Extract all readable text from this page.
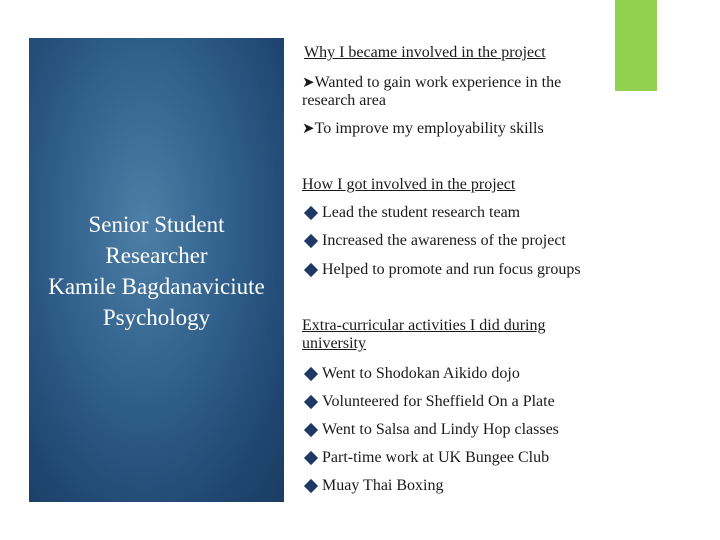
Senior Student
Researcher
Kamile Bagdanaviciute
Psychology
Why I became involved in the project
➤Wanted to gain work experience in the research area
➤To improve my employability skills
How I got involved in the project
Lead the student research team
Increased the awareness of the project
Helped to promote and run focus groups
Extra-curricular activities I did during university
Went to Shodokan Aikido dojo
Volunteered for Sheffield On a Plate
Went to Salsa and Lindy Hop classes
Part-time work at UK Bungee Club
Muay Thai Boxing
